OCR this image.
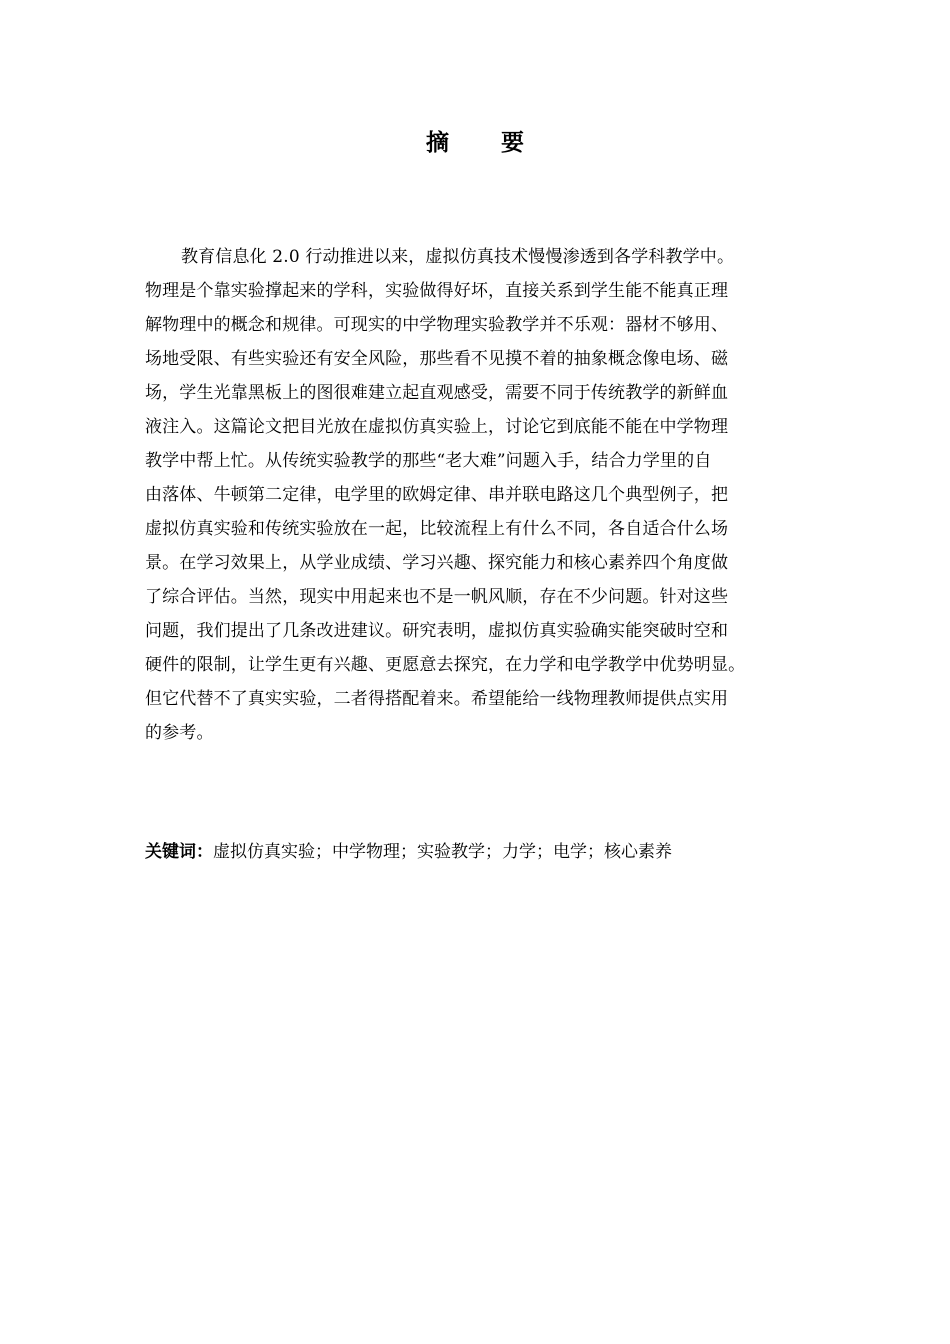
摘 要
教育信息化 2.0 行动推进以来，虚拟仿真技术慢慢渗透到各学科教学中。
物理是个靠实验撑起来的学科，实验做得好坏，直接关系到学生能不能真正理
解物理中的概念和规律。可现实的中学物理实验教学并不乐观：器材不够用、
场地受限、有些实验还有安全风险，那些看不见摸不着的抽象概念像电场、磁
场，学生光靠黑板上的图很难建立起直观感受，需要不同于传统教学的新鲜血
液注入。这篇论文把目光放在虚拟仿真实验上，讨论它到底能不能在中学物理
教学中帮上忙。从传统实验教学的那些“老大难”问题入手，结合力学里的自
由落体、牛顿第二定律，电学里的欧姆定律、串并联电路这几个典型例子，把
虚拟仿真实验和传统实验放在一起，比较流程上有什么不同，各自适合什么场
景。在学习效果上，从学业成绩、学习兴趣、探究能力和核心素养四个角度做
了综合评估。当然，现实中用起来也不是一帆风顺，存在不少问题。针对这些
问题，我们提出了几条改进建议。研究表明，虚拟仿真实验确实能突破时空和
硬件的限制，让学生更有兴趣、更愿意去探究，在力学和电学教学中优势明显。
但它代替不了真实实验，二者得搭配着来。希望能给一线物理教师提供点实用
的参考。
关键词：虚拟仿真实验；中学物理；实验教学；力学；电学；核心素养
